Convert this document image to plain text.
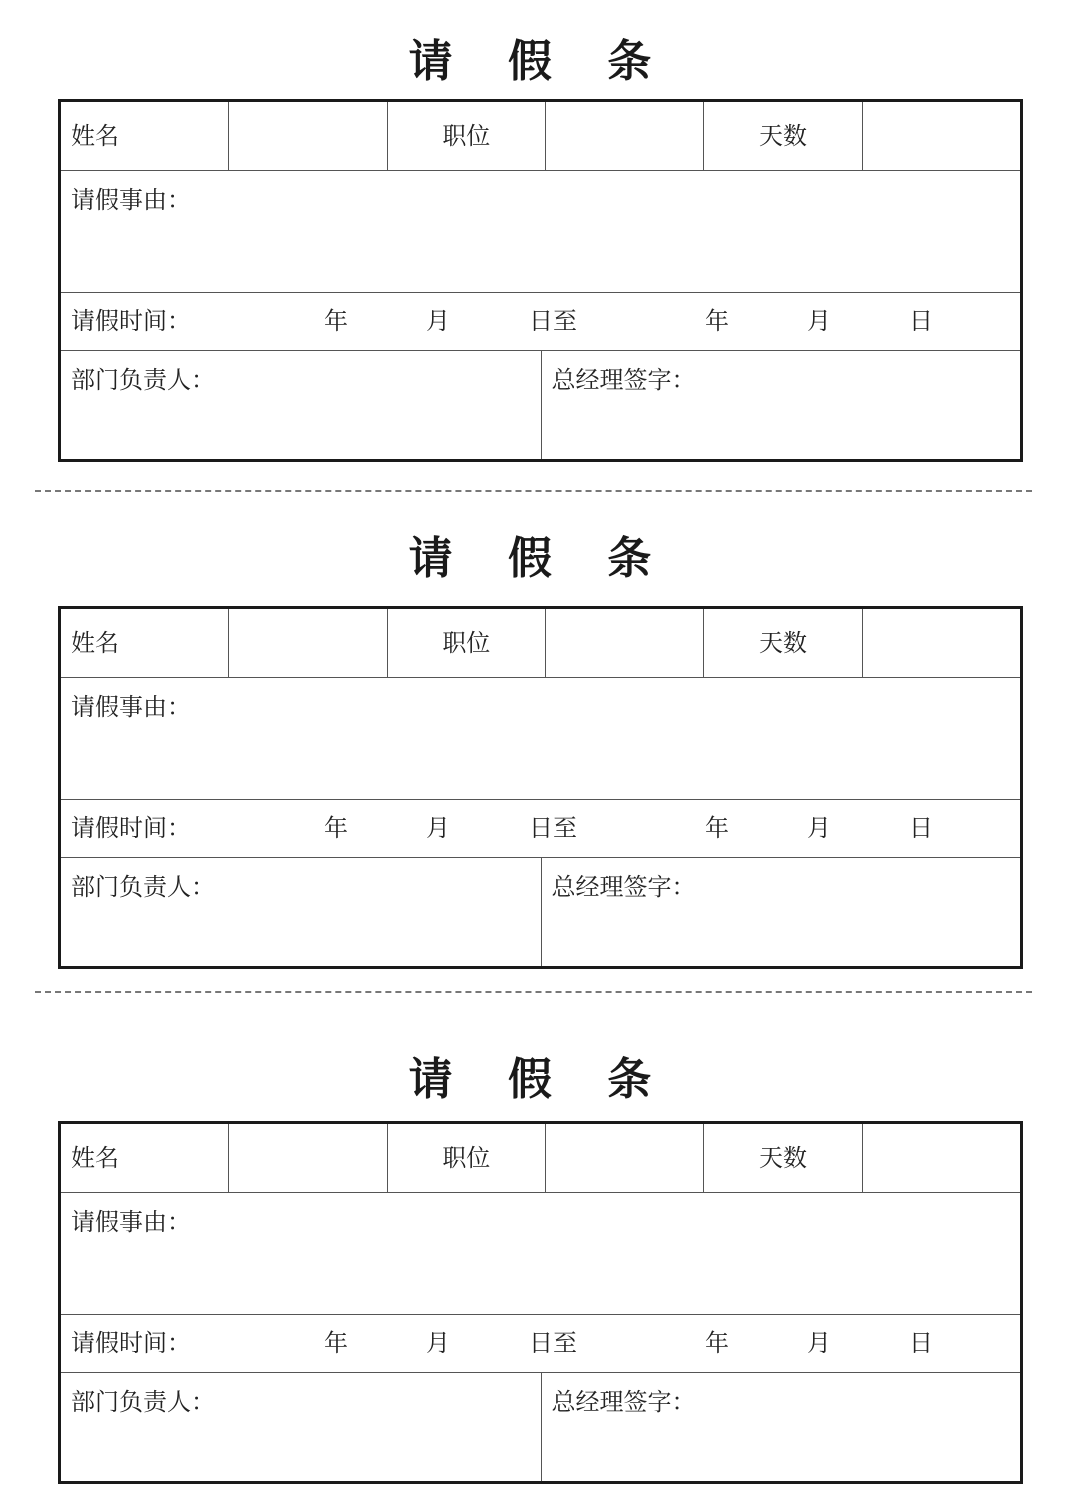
请 假 条
姓名	职位	天数
请假事由：
请假时间：	年	月	日至	年	月	日
部门负责人：	总经理签字：
请 假 条
姓名	职位	天数
请假事由：
请假时间：	年	月	日至	年	月	日
部门负责人：	总经理签字：
请 假 条
姓名	职位	天数
请假事由：
请假时间：	年	月	日至	年	月	日
部门负责人：	总经理签字：
